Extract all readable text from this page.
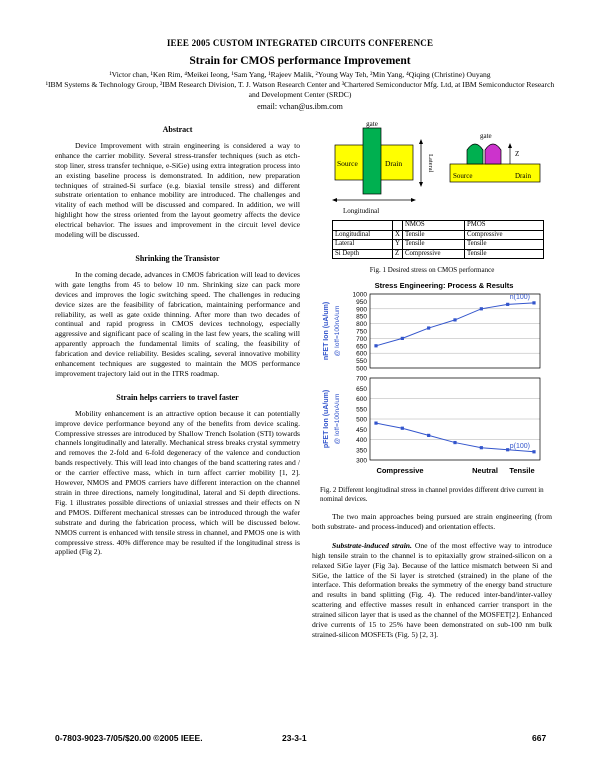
IEEE 2005 CUSTOM INTEGRATED CIRCUITS CONFERENCE
Strain for CMOS performance Improvement
¹Victor chan, ¹Ken Rim, ⁴Meikei Ieong, ¹Sam Yang, ¹Rajeev Malik, ²Young Way Teh, ²Min Yang, ⁴Qiqing (Christine) Ouyang
¹IBM Systems & Technology Group, ²IBM Research Division, T. J. Watson Research Center and ³Chartered Semiconductor Mfg. Ltd, at IBM Semiconductor Research and Development Center (SRDC)
email: vchan@us.ibm.com
Abstract

Device Improvement with strain engineering is considered a way to enhance the carrier mobility. Several stress-transfer techniques (such as etch-stop liner, stress transfer technique, e-SiGe) using extra integration process into an existing baseline process is demonstrated. In addition, new preparation techniques of strained-Si surface (e.g. biaxial tensile stress) and different substrate orientation to enhance mobility are introduced. The challenges and vitality of each method will be discussed and compared. In addition, we will highlight how the stress oriented from the layout geometry affects the device electrical behavior. The issues and improvement in the circuit level device modeling will be discussed.

Shrinking the Transistor

In the coming decade, advances in CMOS fabrication will lead to devices with gate lengths from 45 to below 10 nm. Shrinking size can pack more devices and improves the logic switching speed. The challenges in reducing device sizes are the feasibility of fabrication, maintaining performance and reliability, as well as gate oxide thinning. After more than two decades of continual and rapid progress in CMOS devices technology, especially aggressive and significant pace of scaling in the last few years, the scaling will apparently approach the fundamental limits of scaling, the feasibility of fabrication and device reliability. Besides scaling, several innovative mobility enhancement techniques are suggested to maintain the MOS performance improvement trajectory laid out in the ITRS roadmap.

Strain helps carriers to travel faster

Mobility enhancement is an attractive option because it can potentially improve device performance beyond any of the benefits from device scaling. Compressive stresses are introduced by Shallow Trench Isolation (STI) towards channels longitudinally and laterally. Mechanical stress breaks crystal symmetry and removes the 2-fold and 6-fold degeneracy of the valence and conduction bands respectively. This will lead into changes of the band scattering rates and / or the carrier effective mass, which in turn affect carrier mobility [1, 2]. However, NMOS and PMOS carriers have different interaction on the channel strain in three directions, namely longitudinal, lateral and Si depth directions. Fig. 1 illustrates possible directions of uniaxial stresses and their effects on N and PMOS. Different mechanical stresses can be introduced through the wafer substrate and during the fabrication process, which will be discussed below. NMOS current is enhanced with tensile stress in channel, and PMOS one is with compressive stress. 40% difference may be resulted if the longitudinal stress is applied (Fig 2).

gate
Source	Drain	Lateral
Longitudinal
gate
Source	Drain
Z
		NMOS	PMOS
Longitudinal	X	Tensile	Compressive
Lateral	Y	Tensile	Tensile
Si Depth	Z	Compressive	Tensile
Fig. 1 Desired stress on CMOS performance
Stress Engineering: Process & Results
500
550
600
650
700
750
800
850
900
950
1000
nFET Ion (uA/um) @ Ioff=100nA/um
n(100)
300
350
400
450
500
550
600
650
700
pFET Ion (uA/um) @ Ioff=100nA/um
p(100)
Compressive	Neutral Tensile
Fig. 2 Different longitudinal stress in channel provides different drive current in nominal devices.

The two main approaches being pursued are strain engineering (from both substrate- and process-induced) and orientation effects.

Substrate-induced strain. One of the most effective way to introduce high tensile strain to the channel is to epitaxially grow strained-silicon on a relaxed SiGe layer (Fig 3a). Because of the lattice mismatch between Si and SiGe, the lattice of the Si layer is stretched (strained) in the plane of the interface. This deformation breaks the symmetry of the energy band structure and results in band splitting (Fig. 4). The reduced inter-band/inter-valley scattering and effective masses result in enhanced carrier transport in the strained silicon layer that is used as the channel of the MOSFET[2]. Enhanced drive currents of 15 to 25% have been demonstrated on sub-100 nm bulk strained-silicon MOSFETs (Fig. 5) [2, 3].

0-7803-9023-7/05/$20.00 ©2005 IEEE.	23-3-1	667
